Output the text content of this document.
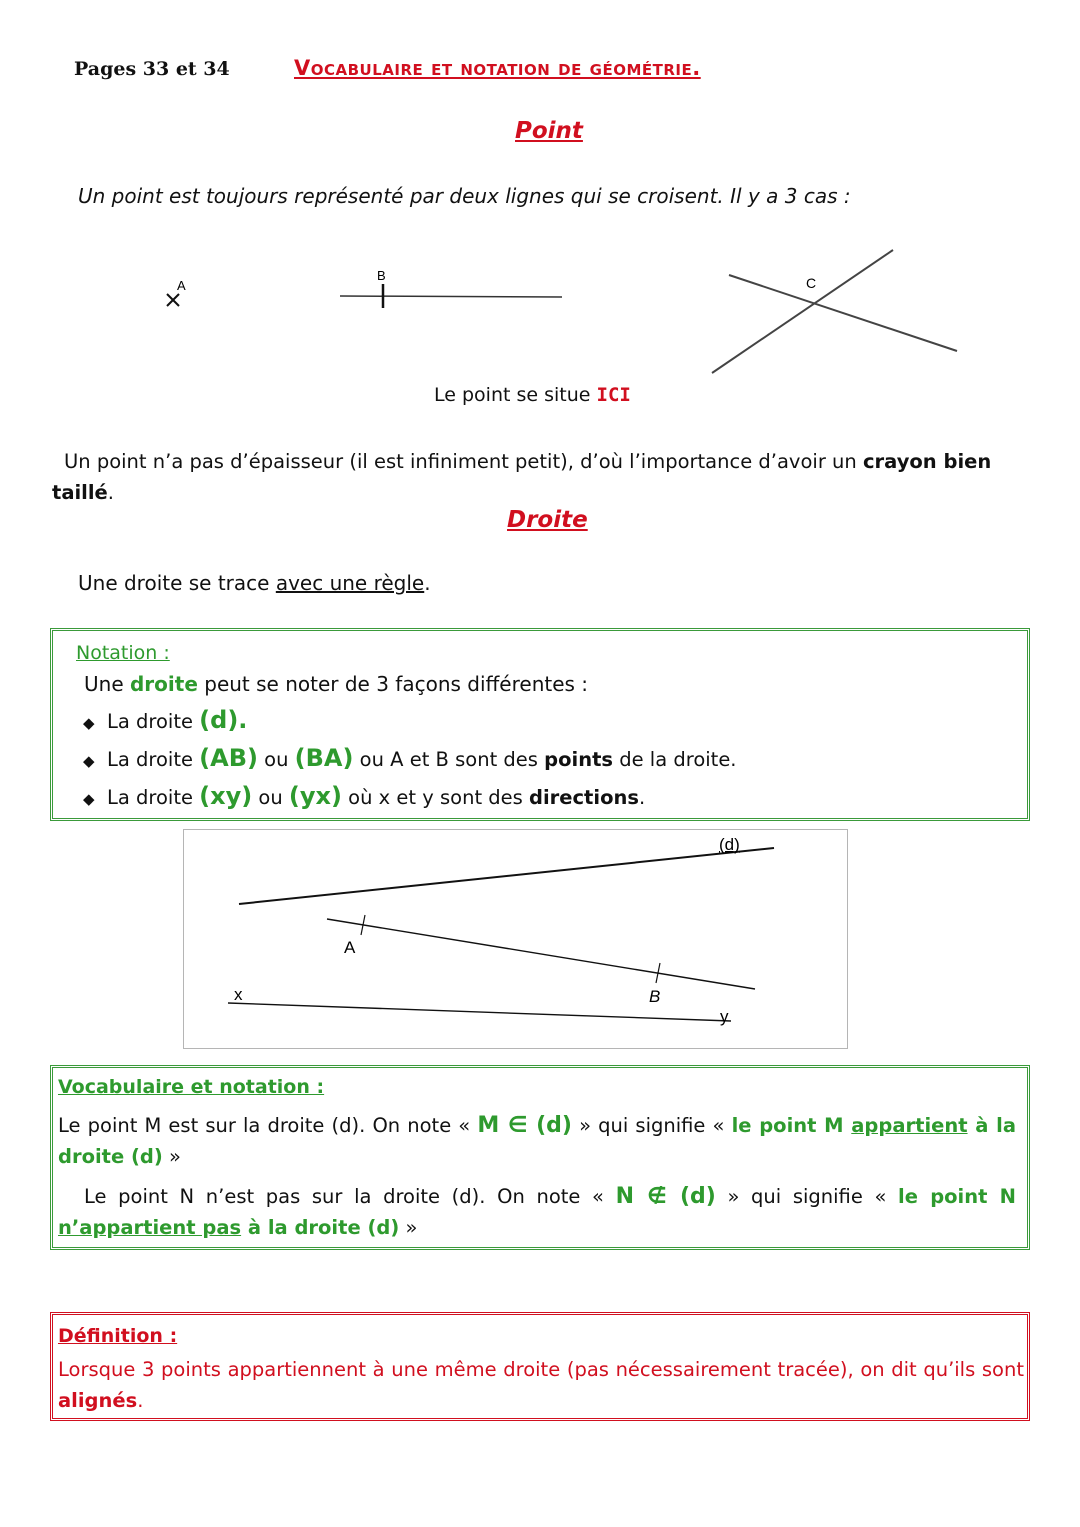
Pages 33 et 34	Vocabulaire et notation de géométrie.
Point
Un point est toujours représenté par deux lignes qui se croisent. Il y a 3 cas :
A
B	C
Le point se situe ICI
Un point n’a pas d’épaisseur (il est infiniment petit), d’où l’importance d’avoir un crayon bien taillé.
Droite
Une droite se trace avec une règle.
Notation :
Une droite peut se noter de 3 façons différentes :
◆ La droite (d).
◆ La droite (AB) ou (BA) ou A et B sont des points de la droite.
◆ La droite (xy) ou (yx) où x et y sont des directions.
(d)
A
B
x
y
Vocabulaire et notation :
Le point M est sur la droite (d). On note « M ∈ (d) » qui signifie « le point M appartient à la droite (d) »
Le point N n’est pas sur la droite (d). On note « N ∉ (d) » qui signifie « le point N n’appartient pas à la droite (d) »
Définition :
Lorsque 3 points appartiennent à une même droite (pas nécessairement tracée), on dit qu’ils sont alignés.
